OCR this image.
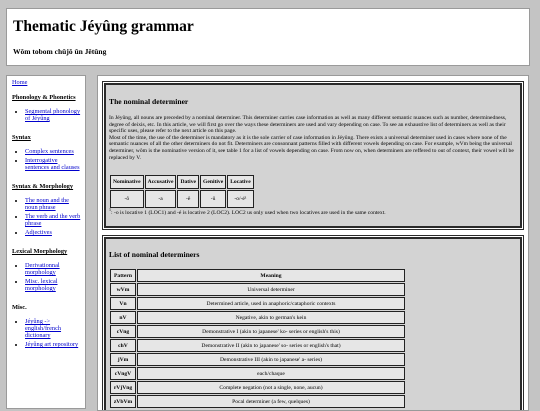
Thematic Jéyûng grammar
Wôm tobom chûjô ûn Jêtûng
Home
Phonology & Phonetics
• Segmental phonology of Jéyûng
Syntax
• Complex sentences
• Interrogative sentences and clauses
Syntax & Morphology
• The noun and the noun phrase
• The verb and the verb phrase
• Adjectives
Lexical Morphology
• Derivationnal morphology
• Misc. lexical morphology
Misc.
• Jéyûng -> english/french dictionary
• Jéyûng art repository
The nominal determiner

In Jéyûng, all nouns are preceded by a nominal determiner. This determiner carries case information as well as many different semantic nuances such as number, determinedness, degree of deixis, etc. In this article, we will first go over the ways these determiners are used and vary depending on case. To see an exhaustive list of determiners as well as their specific uses, please refer to the next article on this page.

Most of the time, the use of the determiner is mandatory as it is the sole carrier of case information in Jéyûng. There exists a universal determiner used in cases where none of the semantic nuances of all the other determiners do not fit. Determiners are consonnant patterns filled with different vowels depending on case. For example, wVm being the universal determiner, wôm is the nominative version of it, see table 1 for a list of vowels depending on case. From now on, when determiners are reffered to out of context, their vowel will be replaced by V.

Nominative	Accusative	Dative	Genitive	Locative
-ô	-a	-ê	-û	-o/-é¹
$^1$: -o is locative 1 (LOC1) and -é is locative 2 (LOC2). LOC2 us only used when two locatives are used in the same context.
List of nominal determiners
Pattern	Meaning
wVm	Universal determiner
Vn	Determined article, used in anaphoric/cataphoric contexts
nV	Negative, akin to german's kein
cVng	Demonstrative I (akin to japanese' ko- series or english's this)
chV	Demonstrative II (akin to japanese' so- series or english's that)
jVm	Demonstrative III (akin to japanese' a- series)
cVngV	each/chaque
rVjVng	Complete negation (not a single, none, aucun)
zVbVm	Pocal determiner (a few, quelques)
